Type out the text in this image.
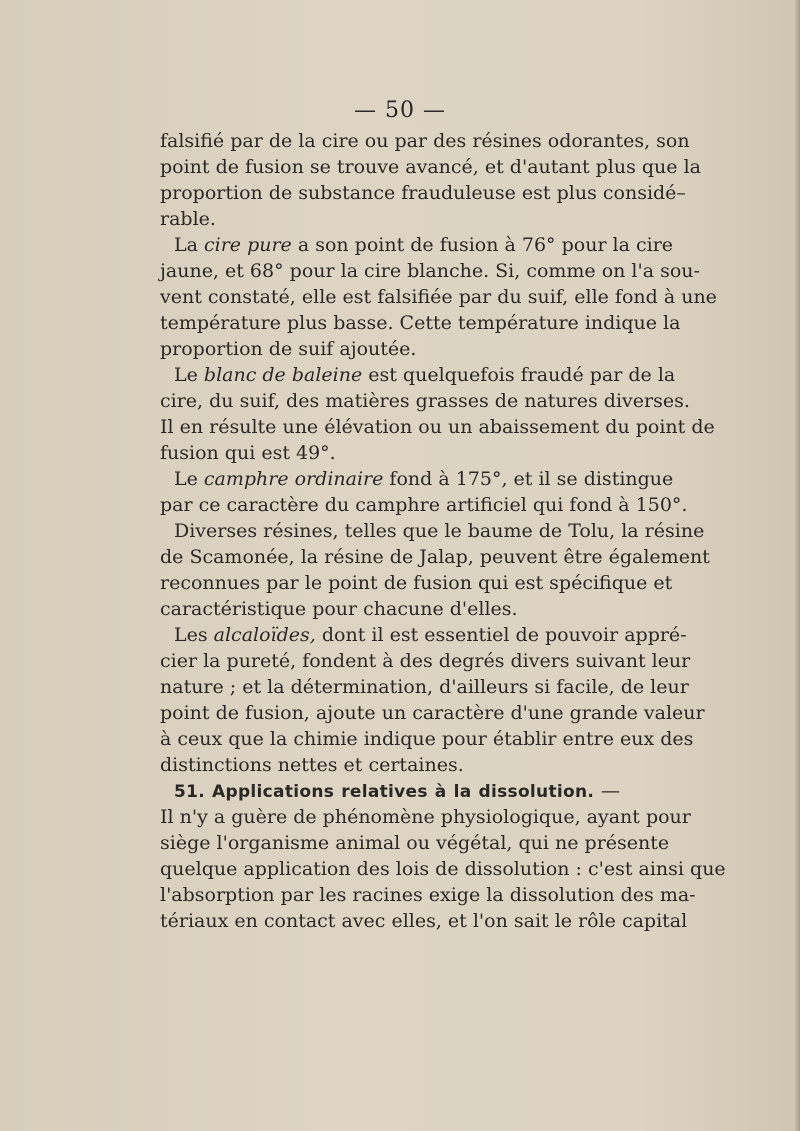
— 50 —
falsifié par de la cire ou par des résines odorantes, son
point de fusion se trouve avancé, et d'autant plus que la
proportion de substance frauduleuse est plus considé–
rable.
La cire pure a son point de fusion à 76° pour la cire
jaune, et 68° pour la cire blanche. Si, comme on l'a sou-
vent constaté, elle est falsifiée par du suif, elle fond à une
température plus basse. Cette température indique la
proportion de suif ajoutée.
Le blanc de baleine est quelquefois fraudé par de la
cire, du suif, des matières grasses de natures diverses.
Il en résulte une élévation ou un abaissement du point de
fusion qui est 49°.
Le camphre ordinaire fond à 175°, et il se distingue
par ce caractère du camphre artificiel qui fond à 150°.
Diverses résines, telles que le baume de Tolu, la résine
de Scamonée, la résine de Jalap, peuvent être également
reconnues par le point de fusion qui est spécifique et
caractéristique pour chacune d'elles.
Les alcaloïdes, dont il est essentiel de pouvoir appré-
cier la pureté, fondent à des degrés divers suivant leur
nature ; et la détermination, d'ailleurs si facile, de leur
point de fusion, ajoute un caractère d'une grande valeur
à ceux que la chimie indique pour établir entre eux des
distinctions nettes et certaines.
51. Applications relatives à la dissolution. —
Il n'y a guère de phénomène physiologique, ayant pour
siège l'organisme animal ou végétal, qui ne présente
quelque application des lois de dissolution : c'est ainsi que
l'absorption par les racines exige la dissolution des ma-
tériaux en contact avec elles, et l'on sait le rôle capital
